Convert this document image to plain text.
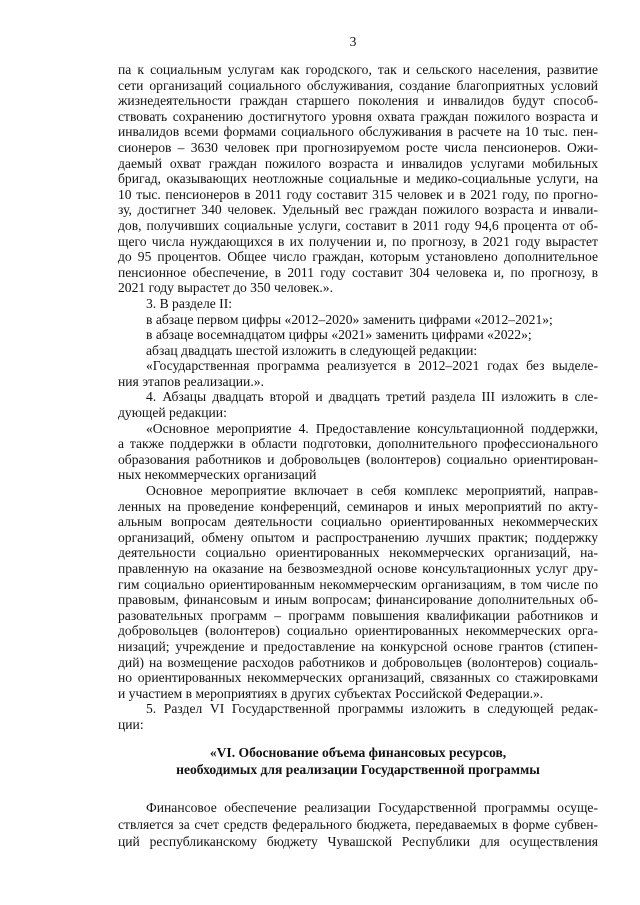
3
па к социальным услугам как городского, так и сельского населения, развитие
сети организаций социального обслуживания, создание благоприятных условий
жизнедеятельности граждан старшего поколения и инвалидов будут способ-
ствовать сохранению достигнутого уровня охвата граждан пожилого возраста и
инвалидов всеми формами социального обслуживания в расчете на 10 тыс. пен-
сионеров – 3630 человек при прогнозируемом росте числа пенсионеров. Ожи-
даемый охват граждан пожилого возраста и инвалидов услугами мобильных
бригад, оказывающих неотложные социальные и медико-социальные услуги, на
10 тыс. пенсионеров в 2011 году составит 315 человек и в 2021 году, по прогно-
зу, достигнет 340 человек. Удельный вес граждан пожилого возраста и инвали-
дов, получивших социальные услуги, составит в 2011 году 94,6 процента от об-
щего числа нуждающихся в их получении и, по прогнозу, в 2021 году вырастет
до 95 процентов. Общее число граждан, которым установлено дополнительное
пенсионное обеспечение, в 2011 году составит 304 человека и, по прогнозу, в
2021 году вырастет до 350 человек.».
3. В разделе II:
в абзаце первом цифры «2012–2020» заменить цифрами «2012–2021»;
в абзаце восемнадцатом цифры «2021» заменить цифрами «2022»;
абзац двадцать шестой изложить в следующей редакции:
«Государственная программа реализуется в 2012–2021 годах без выделе-
ния этапов реализации.».
4. Абзацы двадцать второй и двадцать третий раздела III изложить в сле-
дующей редакции:
«Основное мероприятие 4. Предоставление консультационной поддержки,
а также поддержки в области подготовки, дополнительного профессионального
образования работников и добровольцев (волонтеров) социально ориентирован-
ных некоммерческих организаций
Основное мероприятие включает в себя комплекс мероприятий, направ-
ленных на проведение конференций, семинаров и иных мероприятий по акту-
альным вопросам деятельности социально ориентированных некоммерческих
организаций, обмену опытом и распространению лучших практик; поддержку
деятельности социально ориентированных некоммерческих организаций, на-
правленную на оказание на безвозмездной основе консультационных услуг дру-
гим социально ориентированным некоммерческим организациям, в том числе по
правовым, финансовым и иным вопросам; финансирование дополнительных об-
разовательных программ – программ повышения квалификации работников и
добровольцев (волонтеров) социально ориентированных некоммерческих орга-
низаций; учреждение и предоставление на конкурсной основе грантов (стипен-
дий) на возмещение расходов работников и добровольцев (волонтеров) социаль-
но ориентированных некоммерческих организаций, связанных со стажировками
и участием в мероприятиях в других субъектах Российской Федерации.».
5. Раздел VI Государственной программы изложить в следующей редак-
ции:
«VI. Обоснование объема финансовых ресурсов,
необходимых для реализации Государственной программы
Финансовое обеспечение реализации Государственной программы осуще-
ствляется за счет средств федерального бюджета, передаваемых в форме субвен-
ций республиканскому бюджету Чувашской Республики для осуществления
